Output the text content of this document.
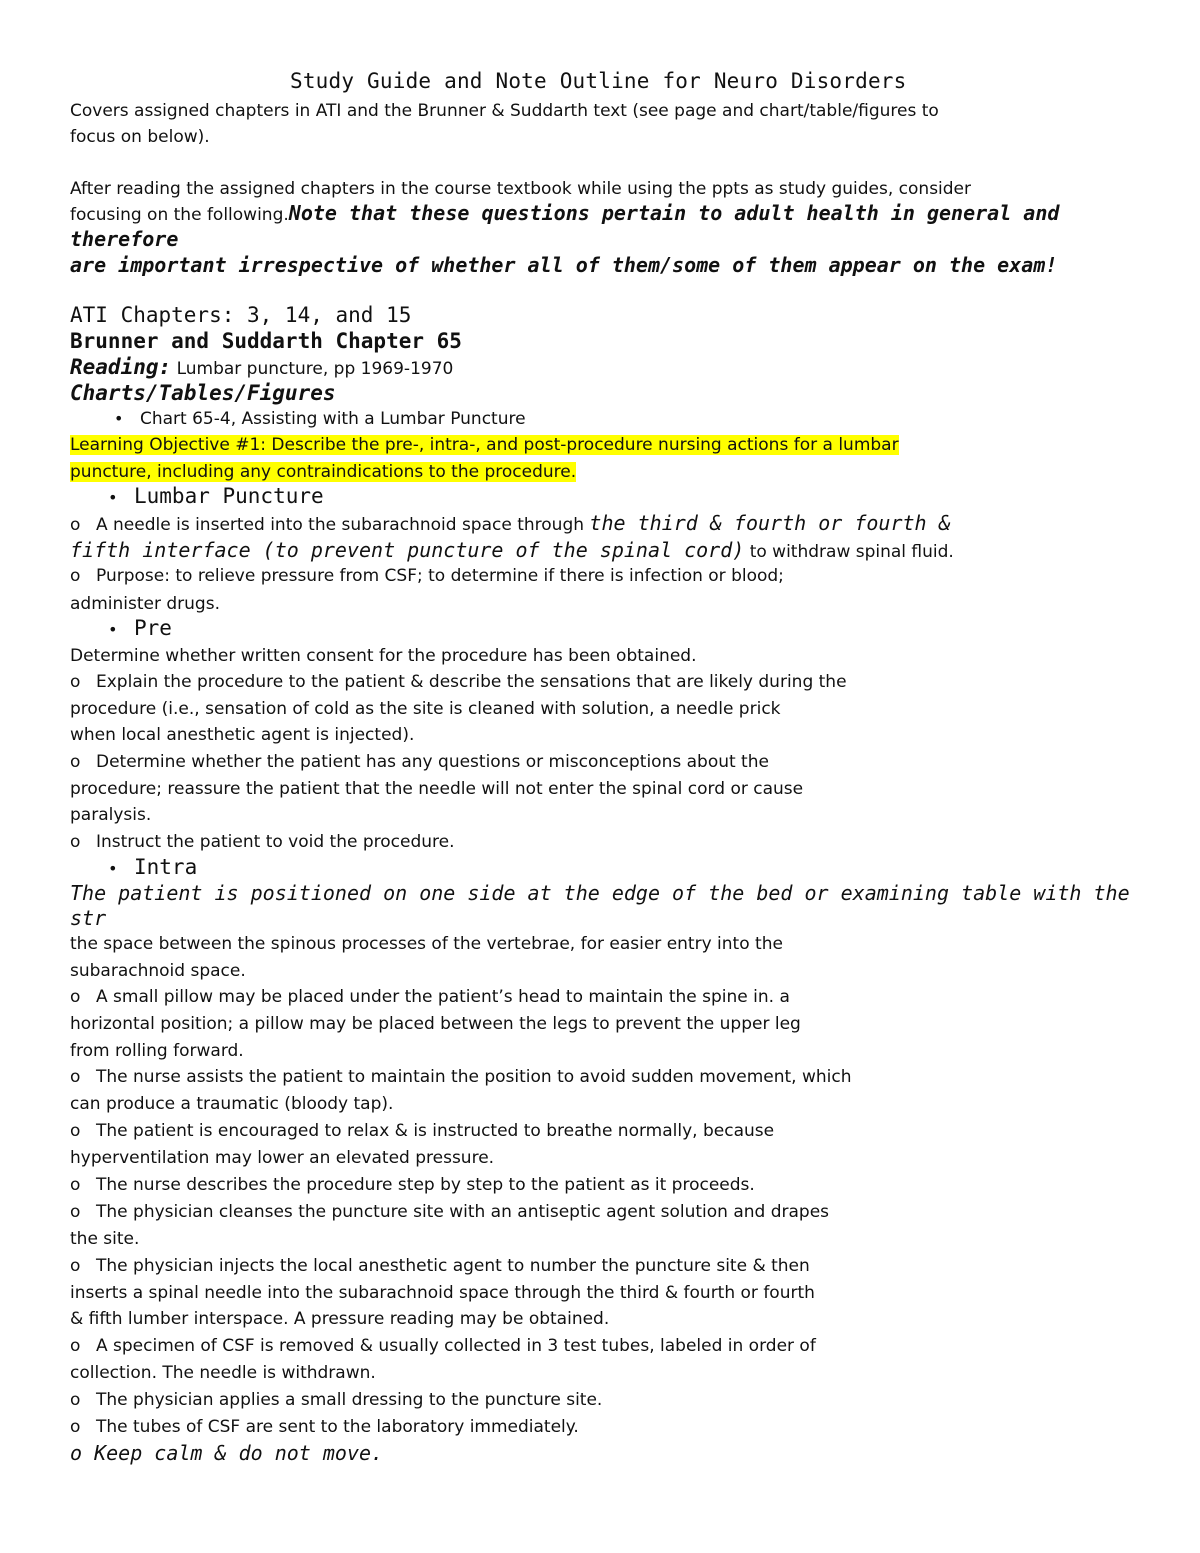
Study Guide and Note Outline for Neuro Disorders
Covers assigned chapters in ATI and the Brunner & Suddarth text (see page and chart/table/figures to
focus on below).
After reading the assigned chapters in the course textbook while using the ppts as study guides, consider
focusing on the following.Note that these questions pertain to adult health in general and
therefore
are important irrespective of whether all of them/some of them appear on the exam!
ATI Chapters: 3, 14, and 15
Brunner and Suddarth Chapter 65
Reading: Lumbar puncture, pp 1969-1970
Charts/Tables/Figures
• Chart 65-4, Assisting with a Lumbar Puncture
Learning Objective #1: Describe the pre-, intra-, and post-procedure nursing actions for a lumbar
puncture, including any contraindications to the procedure.
• Lumbar Puncture
o A needle is inserted into the subarachnoid space through the third & fourth or fourth &
fifth interface (to prevent puncture of the spinal cord) to withdraw spinal fluid.
o Purpose: to relieve pressure from CSF; to determine if there is infection or blood;
administer drugs.
• Pre
Determine whether written consent for the procedure has been obtained.
o Explain the procedure to the patient & describe the sensations that are likely during the
procedure (i.e., sensation of cold as the site is cleaned with solution, a needle prick
when local anesthetic agent is injected).
o Determine whether the patient has any questions or misconceptions about the
procedure; reassure the patient that the needle will not enter the spinal cord or cause
paralysis.
o Instruct the patient to void the procedure.
• Intra
The patient is positioned on one side at the edge of the bed or examining table with the
str
the space between the spinous processes of the vertebrae, for easier entry into the
subarachnoid space.
o A small pillow may be placed under the patient’s head to maintain the spine in. a
horizontal position; a pillow may be placed between the legs to prevent the upper leg
from rolling forward.
o The nurse assists the patient to maintain the position to avoid sudden movement, which
can produce a traumatic (bloody tap).
o The patient is encouraged to relax & is instructed to breathe normally, because
hyperventilation may lower an elevated pressure.
o The nurse describes the procedure step by step to the patient as it proceeds.
o The physician cleanses the puncture site with an antiseptic agent solution and drapes
the site.
o The physician injects the local anesthetic agent to number the puncture site & then
inserts a spinal needle into the subarachnoid space through the third & fourth or fourth
& fifth lumber interspace. A pressure reading may be obtained.
o A specimen of CSF is removed & usually collected in 3 test tubes, labeled in order of
collection. The needle is withdrawn.
o The physician applies a small dressing to the puncture site.
o The tubes of CSF are sent to the laboratory immediately.
o Keep calm & do not move.
